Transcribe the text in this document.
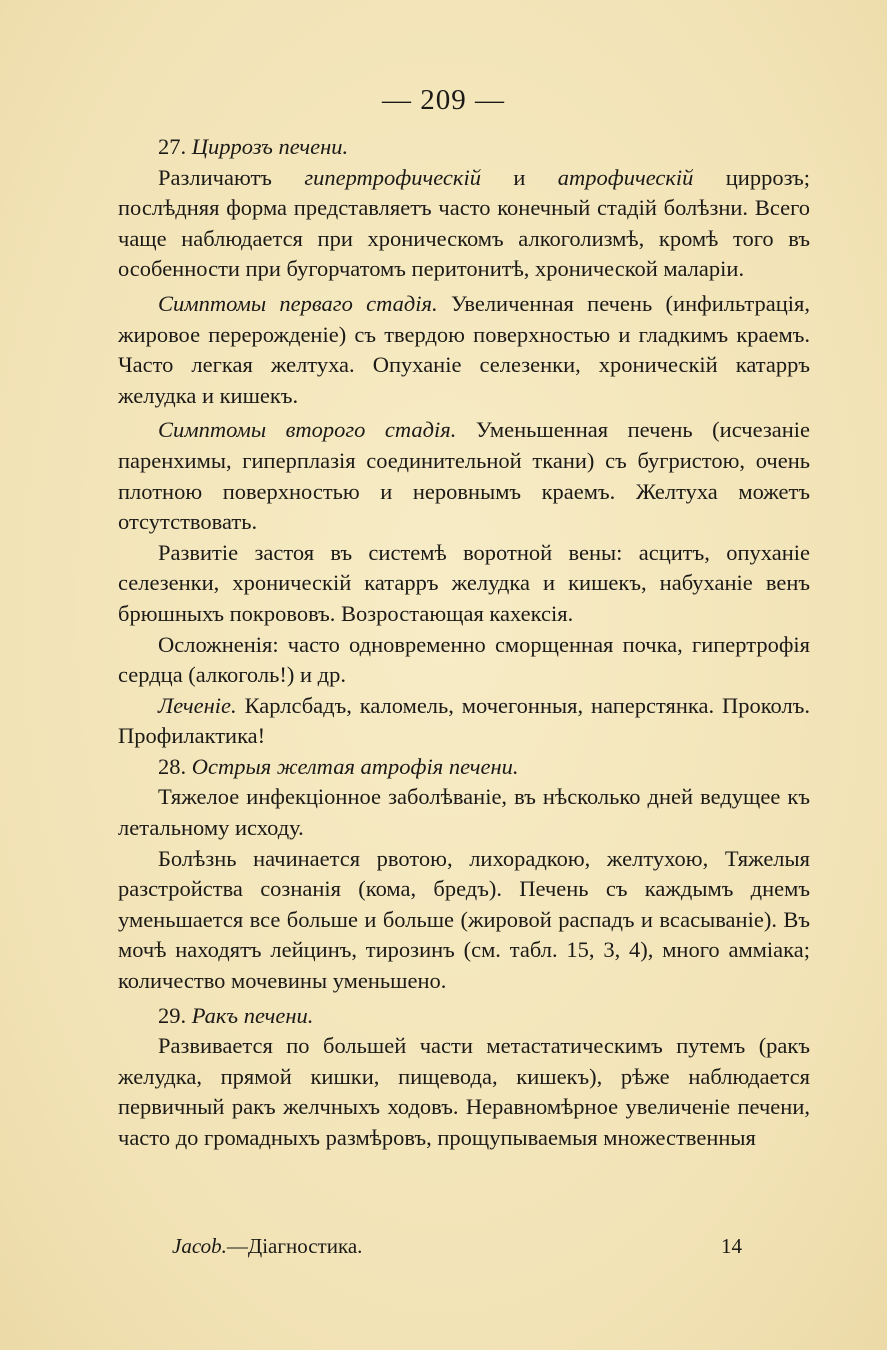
— 209 —

27. Циррозъ печени.

Различаютъ гипертрофическій и атрофическій циррозъ; послѣдняя форма представляетъ часто конечный стадій болѣзни. Всего чаще наблюдается при хроническомъ алкоголизмѣ, кромѣ того въ особенности при бугорчатомъ перитонитѣ, хронической маларіи.

Симптомы перваго стадія. Увеличенная печень (инфильтрація, жировое перерожденіе) съ твердою поверхностью и гладкимъ краемъ. Часто легкая желтуха. Опуханіе селезенки, хроническій катарръ желудка и кишекъ.

Симптомы второго стадія. Уменьшенная печень (исчезаніе паренхимы, гиперплазія соединительной ткани) съ бугристою, очень плотною поверхностью и неровнымъ краемъ. Желтуха можетъ отсутствовать.

Развитіе застоя въ системѣ воротной вены: асцитъ, опуханіе селезенки, хроническій катарръ желудка и кишекъ, набуханіе венъ брюшныхъ покрововъ. Возростающая кахексія.

Осложненія: часто одновременно сморщенная почка, гипертрофія сердца (алкоголь!) и др.

Леченіе. Карлсбадъ, каломель, мочегонныя, наперстянка. Проколъ. Профилактика!

28. Острыя желтая атрофія печени.

Тяжелое инфекціонное заболѣваніе, въ нѣсколько дней ведущее къ летальному исходу.

Болѣзнь начинается рвотою, лихорадкою, желтухою, Тяжелыя разстройства сознанія (кома, бредъ). Печень съ каждымъ днемъ уменьшается все больше и больше (жировой распадъ и всасываніе). Въ мочѣ находятъ лейцинъ, тирозинъ (см. табл. 15, 3, 4), много амміака; количество мочевины уменьшено.

29. Ракъ печени.

Развивается по большей части метастатическимъ путемъ (ракъ желудка, прямой кишки, пищевода, кишекъ), рѣже наблюдается первичный ракъ желчныхъ ходовъ. Неравномѣрное увеличеніе печени, часто до громадныхъ размѣровъ, прощупываемыя множественныя

Јасоb.—Діагностика.	14
